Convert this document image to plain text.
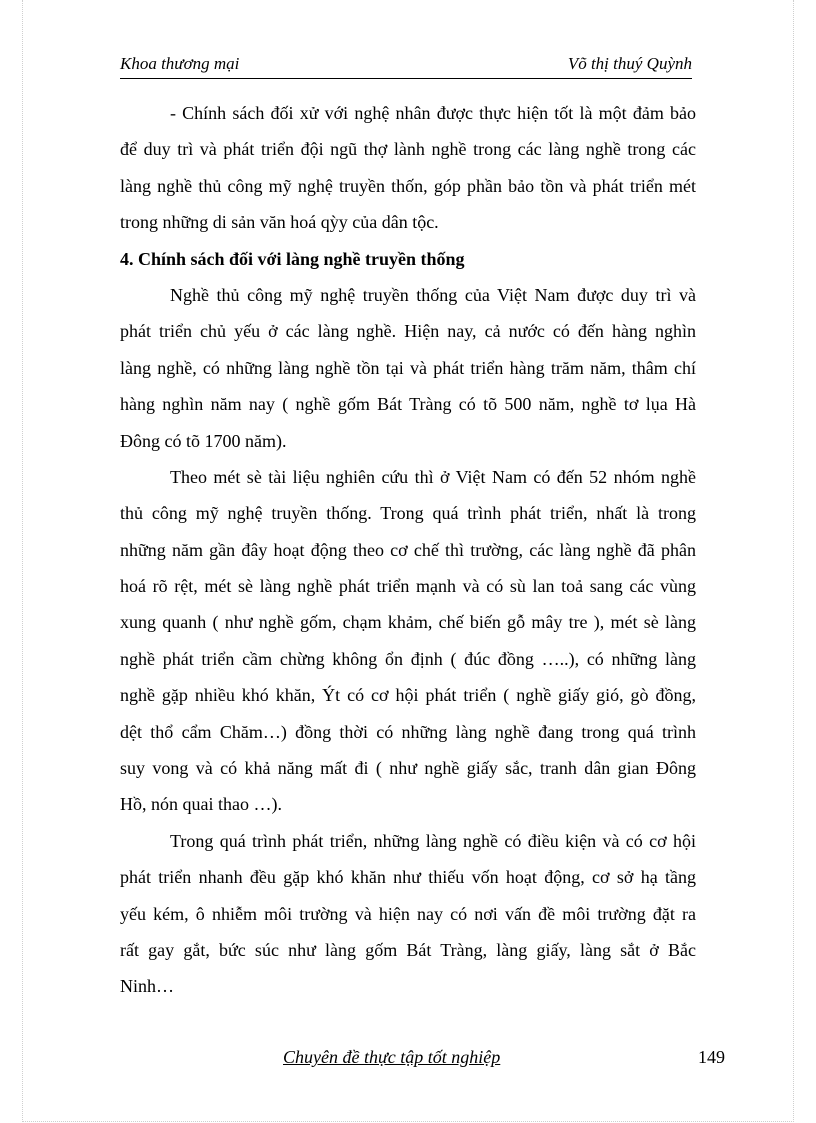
Khoa thương mại	Võ thị thuý Quỳnh
- Chính sách đối xử với nghệ nhân được thực hiện tốt là một đảm bảo
để duy trì và phát triển đội ngũ thợ lành nghề trong các làng nghề trong các
làng nghề thủ công mỹ nghệ truyền thốn, góp phần bảo tồn và phát triển mét
trong những di sản văn hoá qỳy của dân tộc.
4. Chính sách đối với làng nghề truyền thống
Nghề thủ công mỹ nghệ truyền thống của Việt Nam được duy trì và
phát triển chủ yếu ở các làng nghề. Hiện nay, cả nước có đến hàng nghìn
làng nghề, có những làng nghề tồn tại và phát triển hàng trăm năm, thâm chí
hàng nghìn năm nay ( nghề gốm Bát Tràng có tõ 500 năm, nghề tơ lụa Hà
Đông có tõ 1700 năm).
Theo mét sè tài liệu nghiên cứu thì ở Việt Nam có đến 52 nhóm nghề
thủ công mỹ nghệ truyền thống. Trong quá trình phát triển, nhất là trong
những năm gần đây hoạt động theo cơ chế thì trường, các làng nghề đã phân
hoá rõ rệt, mét sè làng nghề phát triển mạnh và có sù lan toả sang các vùng
xung quanh ( như nghề gốm, chạm khảm, chế biến gỗ mây tre ), mét sè làng
nghề phát triển cầm chừng không ổn định ( đúc đồng …..), có những làng
nghề gặp nhiều khó khăn, Ýt có cơ hội phát triển ( nghề giấy gió, gò đồng,
dệt thổ cẩm Chăm…) đồng thời có những làng nghề đang trong quá trình
suy vong và có khả năng mất đi ( như nghề giấy sắc, tranh dân gian Đông
Hồ, nón quai thao …).
Trong quá trình phát triển, những làng nghề có điều kiện và có cơ hội
phát triển nhanh đều gặp khó khăn như thiếu vốn hoạt động, cơ sở hạ tầng
yếu kém, ô nhiễm môi trường và hiện nay có nơi vấn đề môi trường đặt ra
rất gay gắt, bức súc như làng gốm Bát Tràng, làng giấy, làng sắt ở Bắc
Ninh…
Chuyên đề thực tập tốt nghiệp	149
